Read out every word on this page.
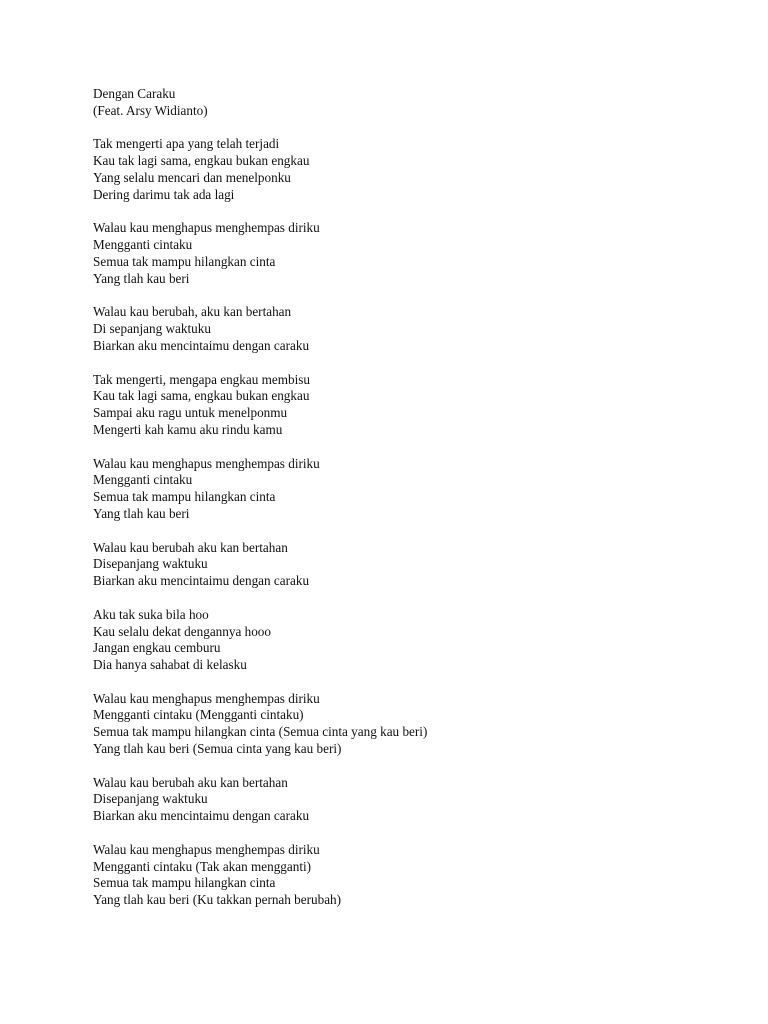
Dengan Caraku
(Feat. Arsy Widianto)
Tak mengerti apa yang telah terjadi
Kau tak lagi sama, engkau bukan engkau
Yang selalu mencari dan menelponku
Dering darimu tak ada lagi
Walau kau menghapus menghempas diriku
Mengganti cintaku
Semua tak mampu hilangkan cinta
Yang tlah kau beri
Walau kau berubah, aku kan bertahan
Di sepanjang waktuku
Biarkan aku mencintaimu dengan caraku
Tak mengerti, mengapa engkau membisu
Kau tak lagi sama, engkau bukan engkau
Sampai aku ragu untuk menelponmu
Mengerti kah kamu aku rindu kamu
Walau kau menghapus menghempas diriku
Mengganti cintaku
Semua tak mampu hilangkan cinta
Yang tlah kau beri
Walau kau berubah aku kan bertahan
Disepanjang waktuku
Biarkan aku mencintaimu dengan caraku
Aku tak suka bila hoo
Kau selalu dekat dengannya hooo
Jangan engkau cemburu
Dia hanya sahabat di kelasku
Walau kau menghapus menghempas diriku
Mengganti cintaku (Mengganti cintaku)
Semua tak mampu hilangkan cinta (Semua cinta yang kau beri)
Yang tlah kau beri (Semua cinta yang kau beri)
Walau kau berubah aku kan bertahan
Disepanjang waktuku
Biarkan aku mencintaimu dengan caraku
Walau kau menghapus menghempas diriku
Mengganti cintaku (Tak akan mengganti)
Semua tak mampu hilangkan cinta
Yang tlah kau beri (Ku takkan pernah berubah)
